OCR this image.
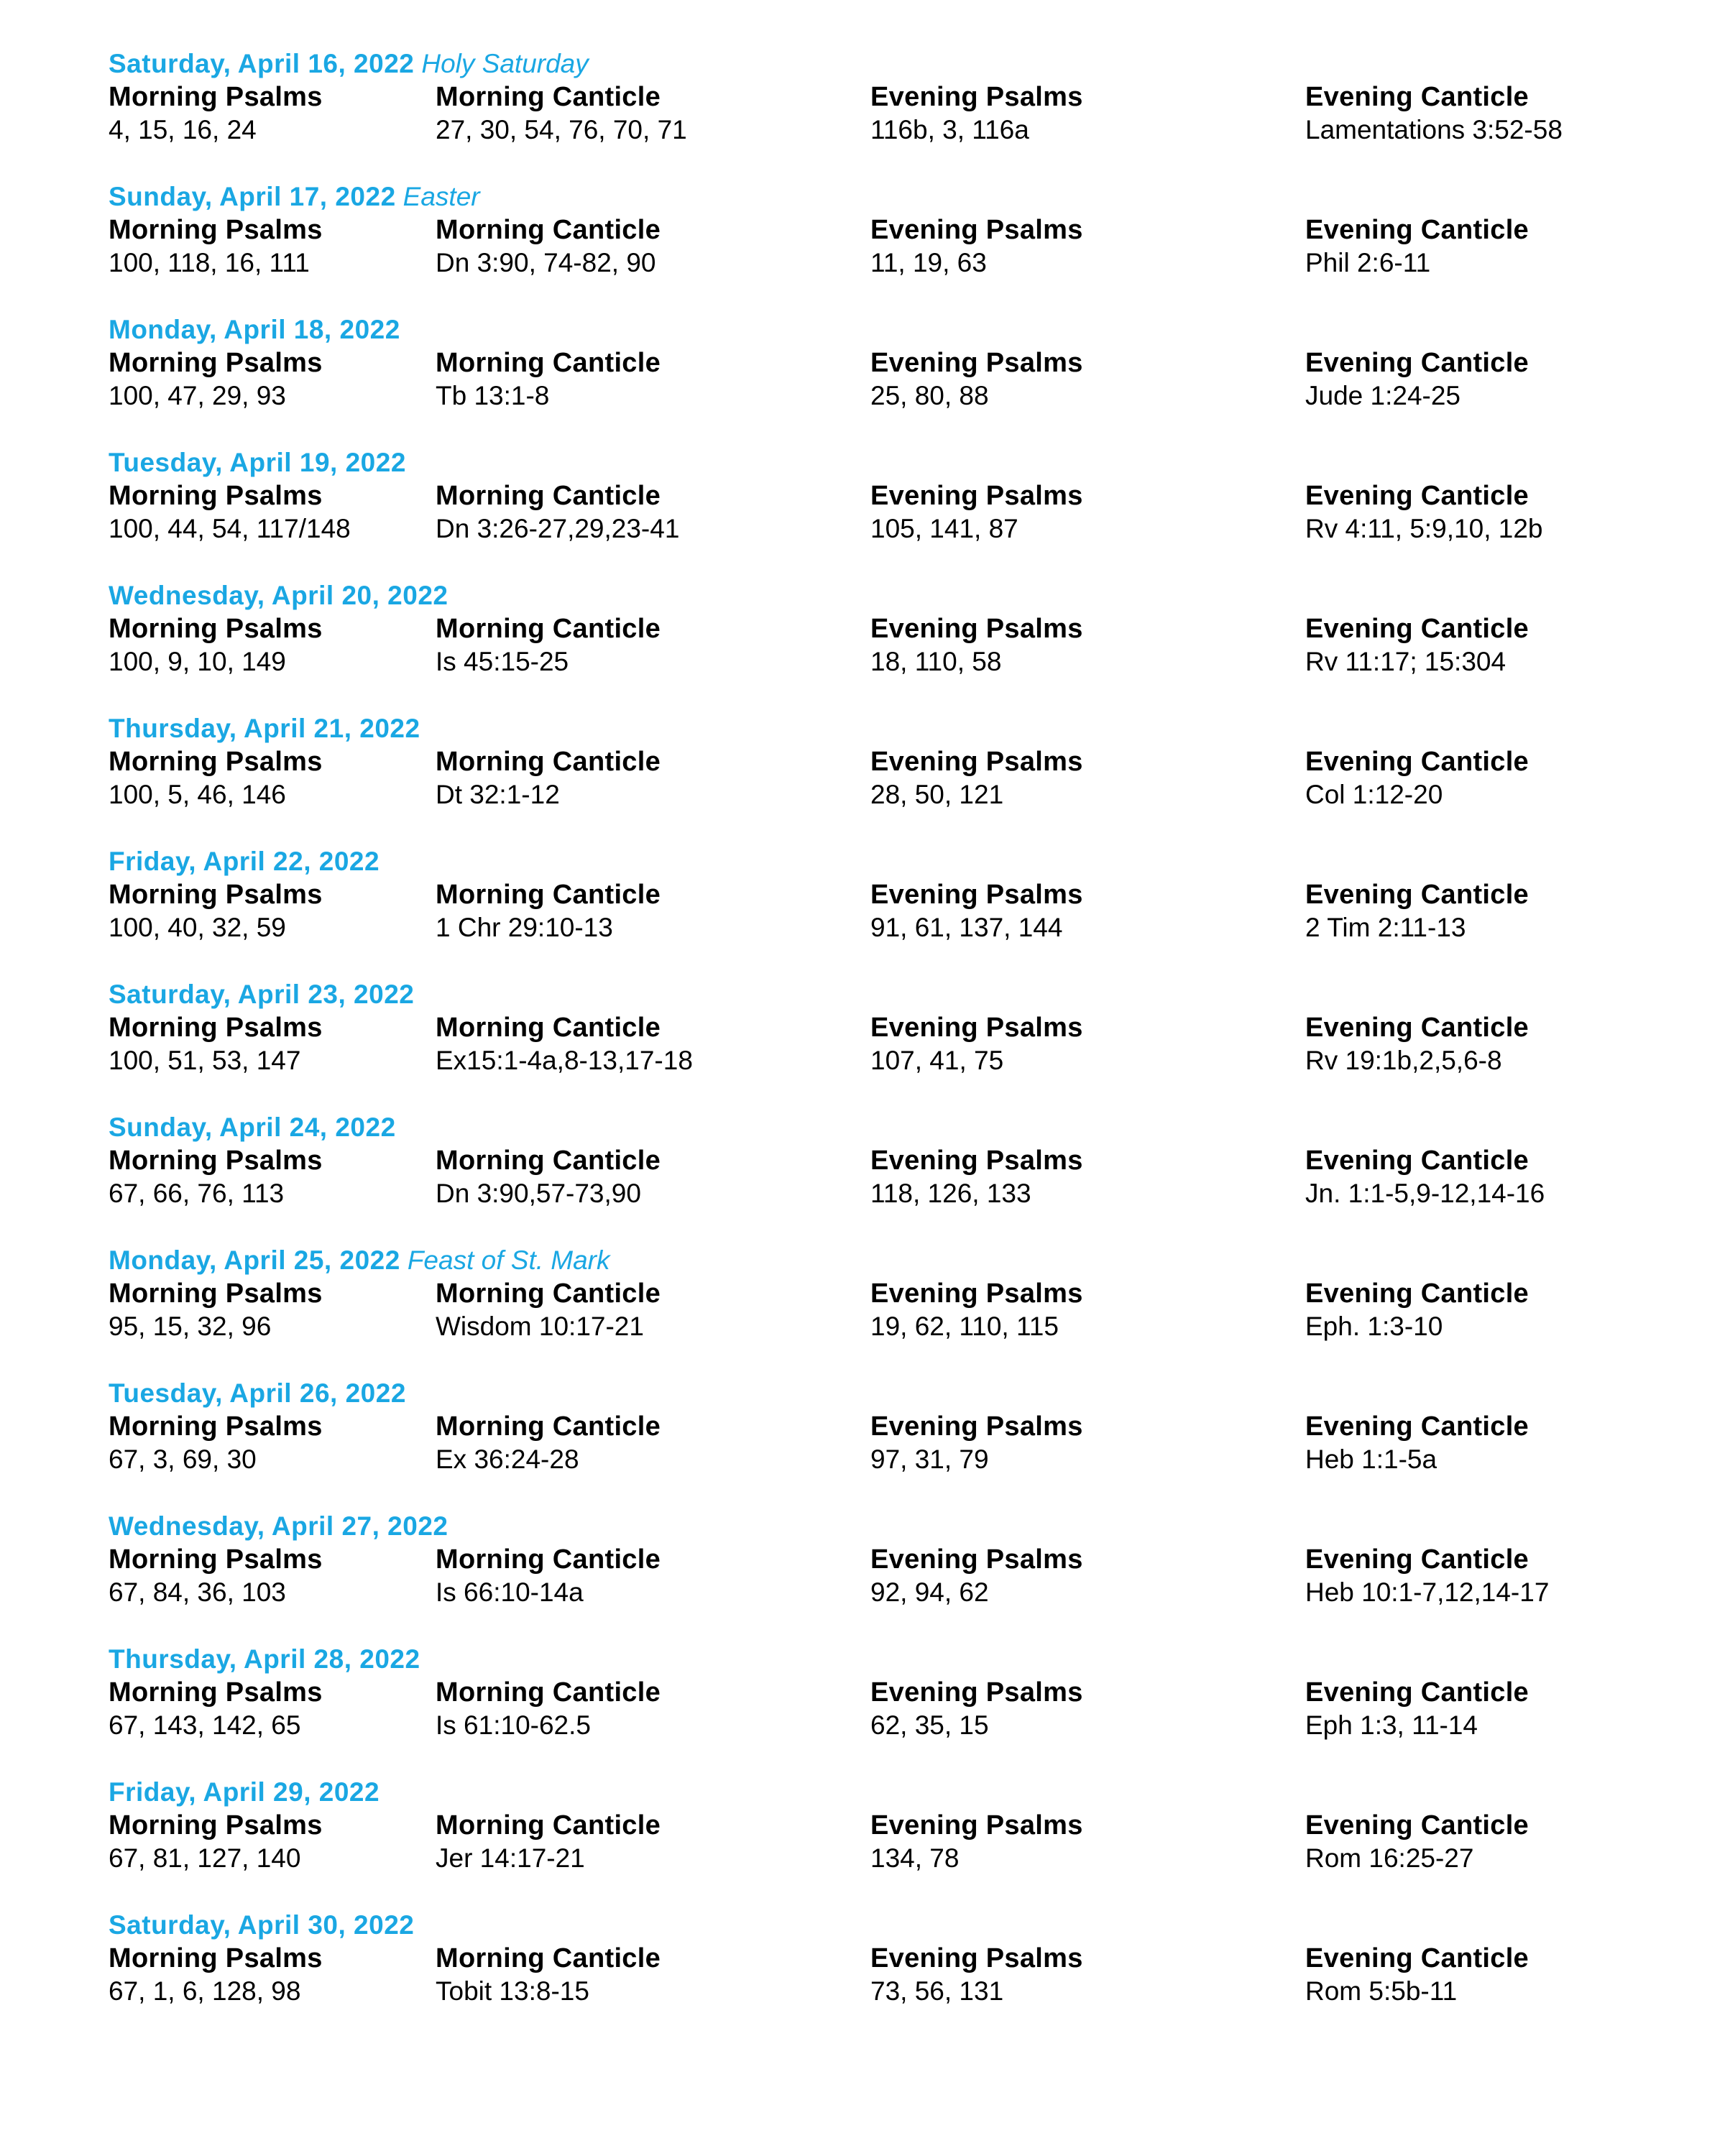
Saturday, April 16, 2022 Holy Saturday
Morning Psalms
4, 15, 16, 24
Morning Canticle
27, 30, 54, 76, 70, 71
Evening Psalms
116b, 3, 116a
Evening Canticle
Lamentations 3:52-58
Sunday, April 17, 2022 Easter
Morning Psalms
100, 118, 16, 111
Morning Canticle
Dn 3:90, 74-82, 90
Evening Psalms
11, 19, 63
Evening Canticle
Phil 2:6-11
Monday, April 18, 2022
Morning Psalms
100, 47, 29, 93
Morning Canticle
Tb 13:1-8
Evening Psalms
25, 80, 88
Evening Canticle
Jude 1:24-25
Tuesday, April 19, 2022
Morning Psalms
100, 44, 54, 117/148
Morning Canticle
Dn 3:26-27,29,23-41
Evening Psalms
105, 141, 87
Evening Canticle
Rv 4:11, 5:9,10, 12b
Wednesday, April 20, 2022
Morning Psalms
100, 9, 10, 149
Morning Canticle
Is 45:15-25
Evening Psalms
18, 110, 58
Evening Canticle
Rv 11:17; 15:304
Thursday, April 21, 2022
Morning Psalms
100, 5, 46, 146
Morning Canticle
Dt 32:1-12
Evening Psalms
28, 50, 121
Evening Canticle
Col 1:12-20
Friday, April 22, 2022
Morning Psalms
100, 40, 32, 59
Morning Canticle
1 Chr 29:10-13
Evening Psalms
91, 61, 137, 144
Evening Canticle
2 Tim 2:11-13
Saturday, April 23, 2022
Morning Psalms
100, 51, 53, 147
Morning Canticle
Ex15:1-4a,8-13,17-18
Evening Psalms
107, 41, 75
Evening Canticle
Rv 19:1b,2,5,6-8
Sunday, April 24, 2022
Morning Psalms
67, 66, 76, 113
Morning Canticle
Dn 3:90,57-73,90
Evening Psalms
118, 126, 133
Evening Canticle
Jn. 1:1-5,9-12,14-16
Monday, April 25, 2022 Feast of St. Mark
Morning Psalms
95, 15, 32, 96
Morning Canticle
Wisdom 10:17-21
Evening Psalms
19, 62, 110, 115
Evening Canticle
Eph. 1:3-10
Tuesday, April 26, 2022
Morning Psalms
67, 3, 69, 30
Morning Canticle
Ex 36:24-28
Evening Psalms
97, 31, 79
Evening Canticle
Heb 1:1-5a
Wednesday, April 27, 2022
Morning Psalms
67, 84, 36, 103
Morning Canticle
Is 66:10-14a
Evening Psalms
92, 94, 62
Evening Canticle
Heb 10:1-7,12,14-17
Thursday, April 28, 2022
Morning Psalms
67, 143, 142, 65
Morning Canticle
Is 61:10-62.5
Evening Psalms
62, 35, 15
Evening Canticle
Eph 1:3, 11-14
Friday, April 29, 2022
Morning Psalms
67, 81, 127, 140
Morning Canticle
Jer 14:17-21
Evening Psalms
134, 78
Evening Canticle
Rom 16:25-27
Saturday, April 30, 2022
Morning Psalms
67, 1, 6, 128, 98
Morning Canticle
Tobit 13:8-15
Evening Psalms
73, 56, 131
Evening Canticle
Rom 5:5b-11
